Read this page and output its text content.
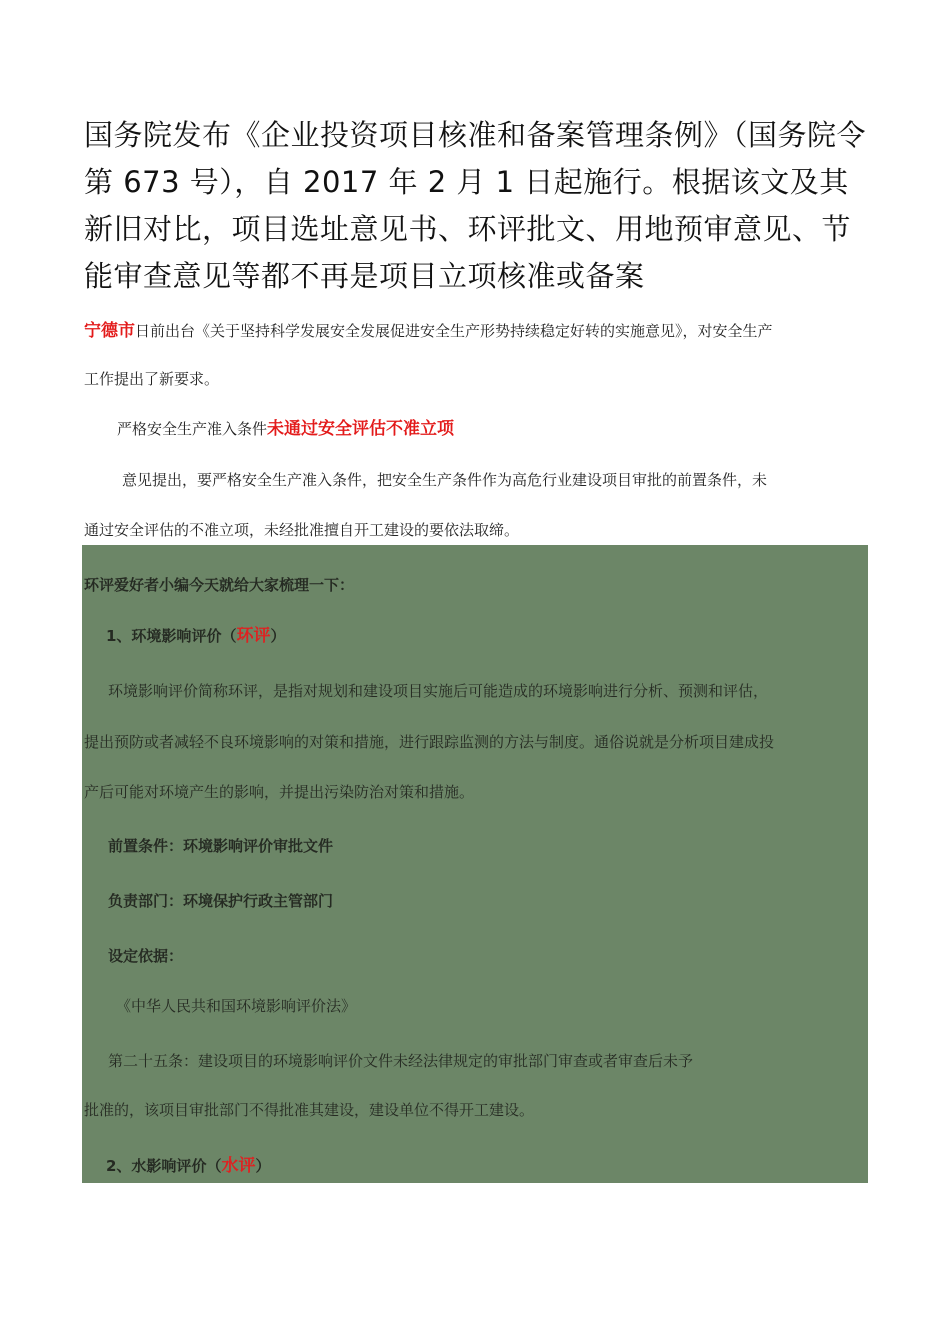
国务院发布《企业投资项目核准和备案管理条例》（国务院令第 673 号），自 2017 年 2 月 1 日起施行。根据该文及其新旧对比，项目选址意见书、环评批文、用地预审意见、节能审查意见等都不再是项目立项核准或备案
宁德市日前出台《关于坚持科学发展安全发展促进安全生产形势持续稳定好转的实施意见》，对安全生产
工作提出了新要求。
严格安全生产准入条件未通过安全评估不准立项
意见提出，要严格安全生产准入条件，把安全生产条件作为高危行业建设项目审批的前置条件，未
通过安全评估的不准立项，未经批准擅自开工建设的要依法取缔。
环评爱好者小编今天就给大家梳理一下：
1、环境影响评价（环评）
环境影响评价简称环评，是指对规划和建设项目实施后可能造成的环境影响进行分析、预测和评估，
提出预防或者减轻不良环境影响的对策和措施，进行跟踪监测的方法与制度。通俗说就是分析项目建成投
产后可能对环境产生的影响，并提出污染防治对策和措施。
前置条件：环境影响评价审批文件
负责部门：环境保护行政主管部门
设定依据：
《中华人民共和国环境影响评价法》
第二十五条：建设项目的环境影响评价文件未经法律规定的审批部门审查或者审查后未予
批准的，该项目审批部门不得批准其建设，建设单位不得开工建设。
2、水影响评价（水评）
